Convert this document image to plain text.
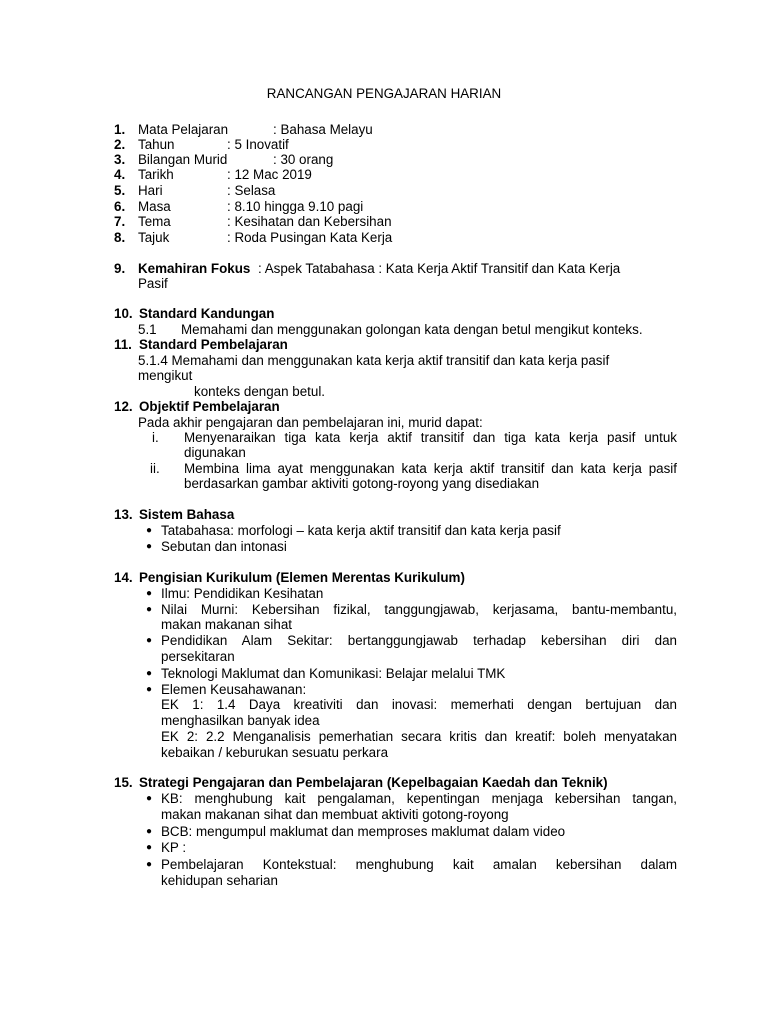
RANCANGAN PENGAJARAN HARIAN
1. Mata Pelajaran	: Bahasa Melayu
2. Tahun	: 5 Inovatif
3. Bilangan Murid	: 30 orang
4. Tarikh	: 12 Mac 2019
5. Hari	: Selasa
6. Masa	: 8.10 hingga 9.10 pagi
7. Tema	: Kesihatan dan Kebersihan
8. Tajuk	: Roda Pusingan Kata Kerja
9. Kemahiran Fokus : Aspek Tatabahasa : Kata Kerja Aktif Transitif dan Kata Kerja
Pasif
10. Standard Kandungan
5.1 Memahami dan menggunakan golongan kata dengan betul mengikut konteks.
11. Standard Pembelajaran
5.1.4 Memahami dan menggunakan kata kerja aktif transitif dan kata kerja pasif
mengikut
konteks dengan betul.
12. Objektif Pembelajaran
Pada akhir pengajaran dan pembelajaran ini, murid dapat:
i. Menyenaraikan tiga kata kerja aktif transitif dan tiga kata kerja pasif untuk
digunakan
ii. Membina lima ayat menggunakan kata kerja aktif transitif dan kata kerja pasif
berdasarkan gambar aktiviti gotong-royong yang disediakan
13. Sistem Bahasa
● Tatabahasa: morfologi – kata kerja aktif transitif dan kata kerja pasif
● Sebutan dan intonasi
14. Pengisian Kurikulum (Elemen Merentas Kurikulum)
● Ilmu: Pendidikan Kesihatan
● Nilai Murni: Kebersihan fizikal, tanggungjawab, kerjasama, bantu-membantu,
makan makanan sihat
● Pendidikan Alam Sekitar: bertanggungjawab terhadap kebersihan diri dan
persekitaran
● Teknologi Maklumat dan Komunikasi: Belajar melalui TMK
● Elemen Keusahawanan:
EK 1: 1.4 Daya kreativiti dan inovasi: memerhati dengan bertujuan dan
menghasilkan banyak idea
EK 2: 2.2 Menganalisis pemerhatian secara kritis dan kreatif: boleh menyatakan
kebaikan / keburukan sesuatu perkara
15. Strategi Pengajaran dan Pembelajaran (Kepelbagaian Kaedah dan Teknik)
● KB: menghubung kait pengalaman, kepentingan menjaga kebersihan tangan,
makan makanan sihat dan membuat aktiviti gotong-royong
● BCB: mengumpul maklumat dan memproses maklumat dalam video
● KP :
● Pembelajaran Kontekstual: menghubung kait amalan kebersihan dalam
kehidupan seharian
